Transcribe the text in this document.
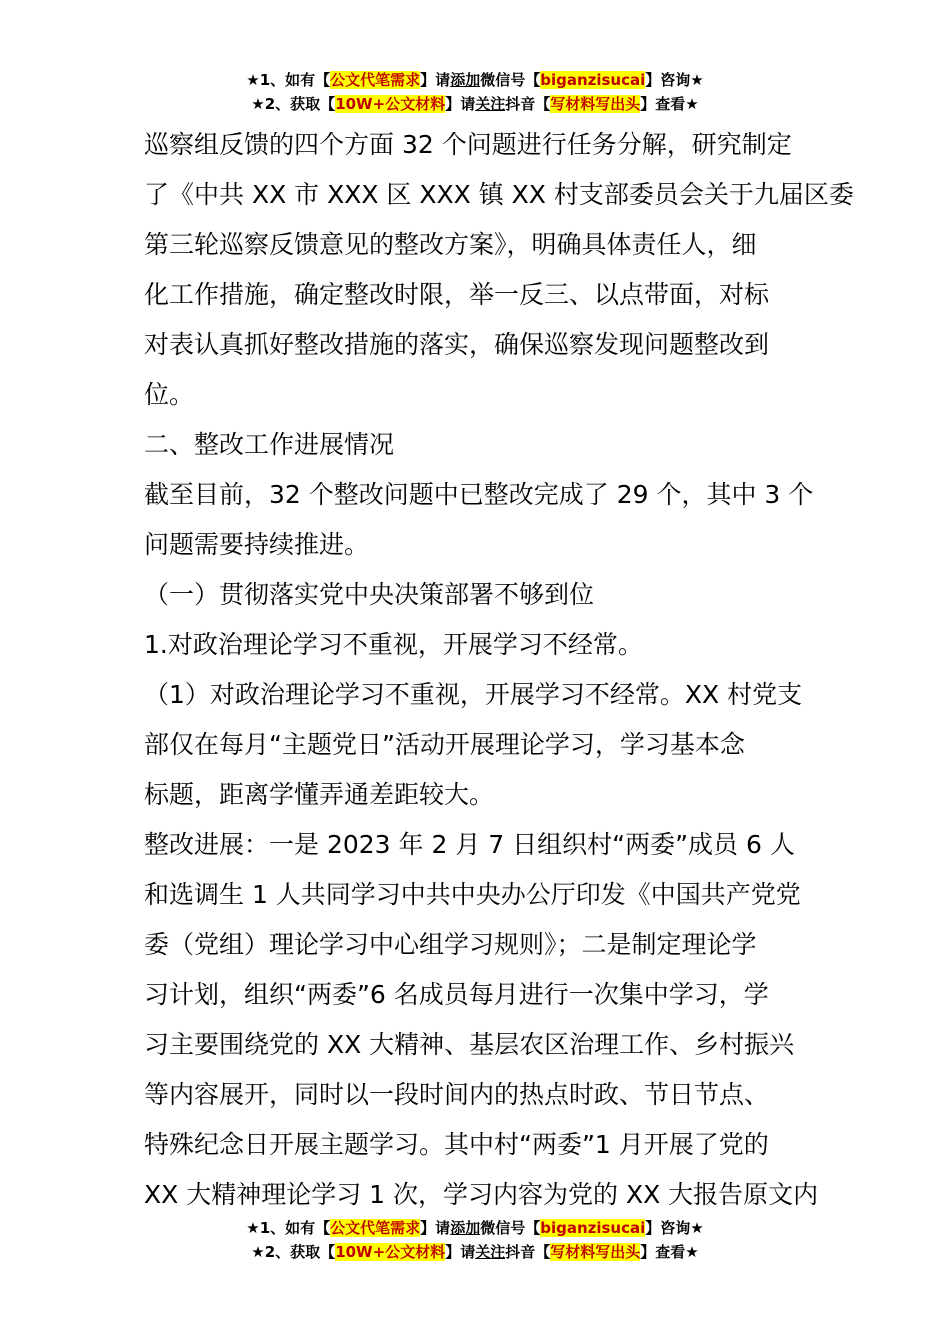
★1、如有【公文代笔需求】请添加微信号【biganzisucai】咨询★
★2、获取【10W+公文材料】请关注抖音【写材料写出头】查看★
巡察组反馈的四个方面 32 个问题进行任务分解，研究制定
了《中共 XX 市 XXX 区 XXX 镇 XX 村支部委员会关于九届区委
第三轮巡察反馈意见的整改方案》，明确具体责任人，细
化工作措施，确定整改时限，举一反三、以点带面，对标
对表认真抓好整改措施的落实，确保巡察发现问题整改到
位。
二、整改工作进展情况
截至目前，32 个整改问题中已整改完成了 29 个，其中 3 个
问题需要持续推进。
（一）贯彻落实党中央决策部署不够到位
1.对政治理论学习不重视，开展学习不经常。
（1）对政治理论学习不重视，开展学习不经常。XX 村党支
部仅在每月“主题党日”活动开展理论学习，学习基本念
标题，距离学懂弄通差距较大。
整改进展：一是 2023 年 2 月 7 日组织村“两委”成员 6 人
和选调生 1 人共同学习中共中央办公厅印发《中国共产党党
委（党组）理论学习中心组学习规则》；二是制定理论学
习计划，组织“两委”6 名成员每月进行一次集中学习，学
习主要围绕党的 XX 大精神、基层农区治理工作、乡村振兴
等内容展开，同时以一段时间内的热点时政、节日节点、
特殊纪念日开展主题学习。其中村“两委”1 月开展了党的
XX 大精神理论学习 1 次，学习内容为党的 XX 大报告原文内
★1、如有【公文代笔需求】请添加微信号【biganzisucai】咨询★
★2、获取【10W+公文材料】请关注抖音【写材料写出头】查看★
